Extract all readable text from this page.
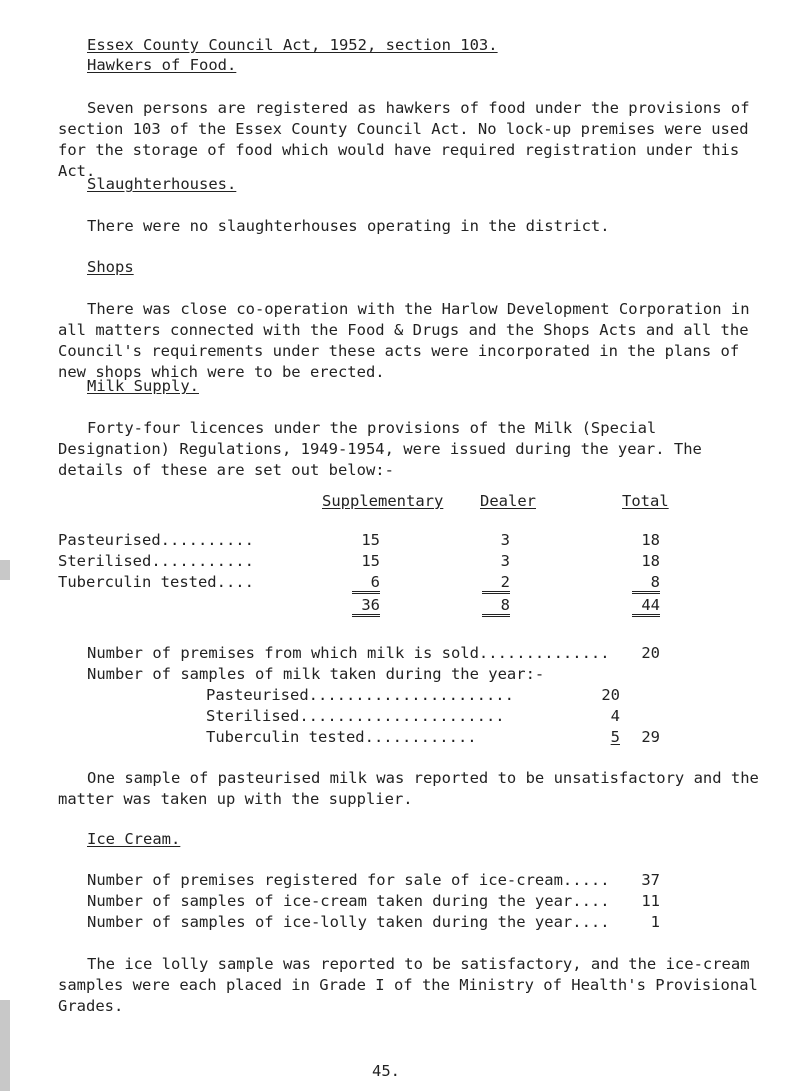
Essex County Council Act, 1952, section 103.
Hawkers of Food.
Seven persons are registered as hawkers of food under the provisions of section 103 of the Essex County Council Act. No lock-up premises were used for the storage of food which would have required registration under this Act.
Slaughterhouses.
There were no slaughterhouses operating in the district.
Shops
There was close co-operation with the Harlow Development Corporation in all matters connected with the Food & Drugs and the Shops Acts and all the Council's requirements under these acts were incorporated in the plans of new shops which were to be erected.
Milk Supply.
Forty-four licences under the provisions of the Milk (Special Designation) Regulations, 1949-1954, were issued during the year. The details of these are set out below:-
Supplementary Dealer	Total
Pasteurised..........	15	3	18
Sterilised...........	15	3	18
Tuberculin tested....	6	2	8
36	8	44
Number of premises from which milk is sold..............	20
Number of samples of milk taken during the year:-
Pasteurised......................	20
Sterilised......................	4
Tuberculin tested............	5	29
One sample of pasteurised milk was reported to be unsatisfactory and the matter was taken up with the supplier.
Ice Cream.
Number of premises registered for sale of ice-cream.....	37
Number of samples of ice-cream taken during the year....	11
Number of samples of ice-lolly taken during the year....	1
The ice lolly sample was reported to be satisfactory, and the ice-cream samples were each placed in Grade I of the Ministry of Health's Provisional Grades.
45.
